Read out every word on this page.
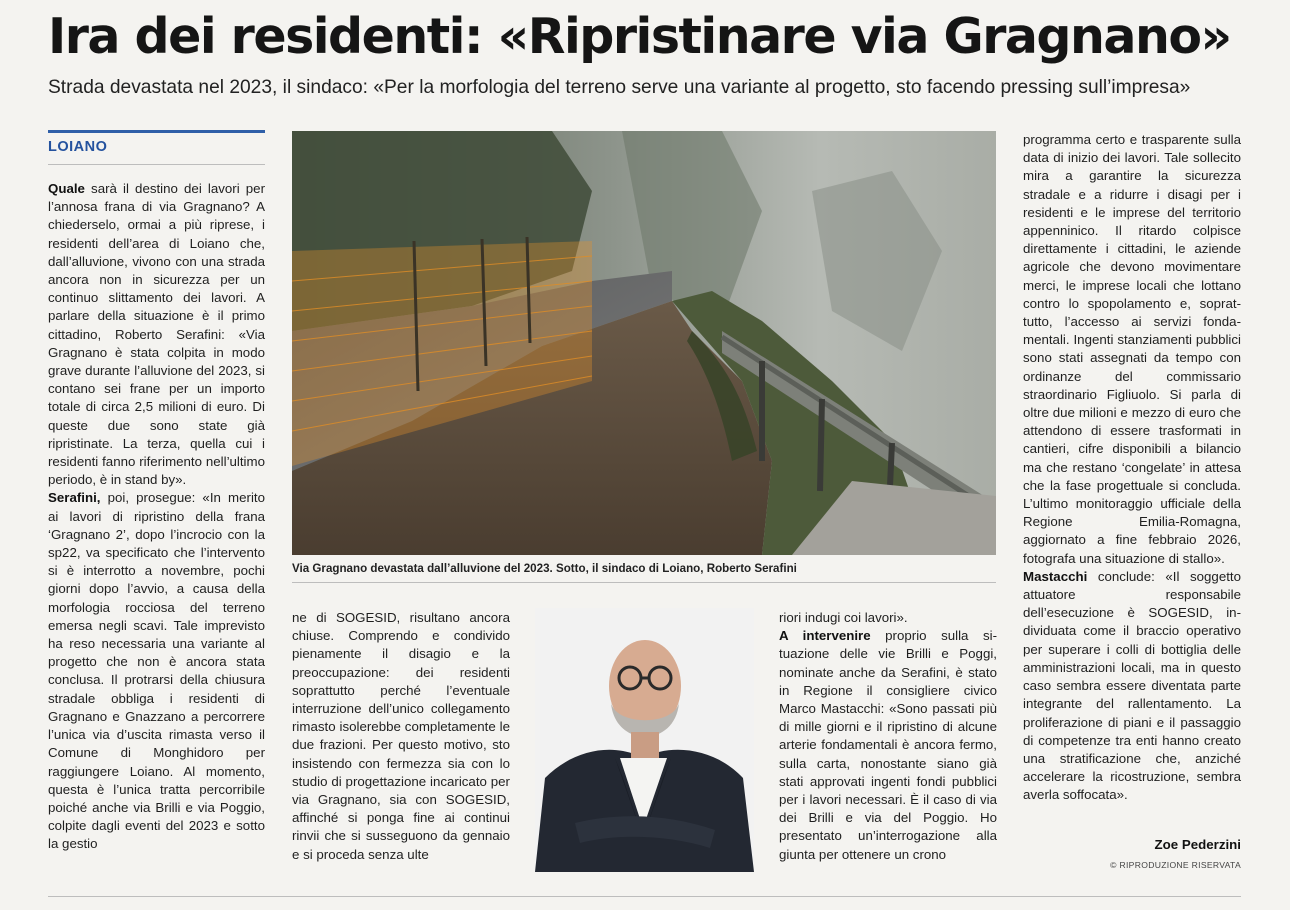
Ira dei residenti: «Ripristinare via Gragnano»

Strada devastata nel 2023, il sindaco: «Per la morfologia del terreno serve una variante al progetto, sto facendo pressing sull’impresa»

LOIANO

Quale sarà il destino dei lavori per l’annosa frana di via Gragnano? A chiederselo, ormai a più riprese, i residenti dell’area di Loiano che, dall’alluvione, vivono con una strada ancora non in sicurezza per un continuo slittamento dei lavori. A parlare della situazione è il primo cittadino, Roberto Serafini: «Via Gragnano è stata colpita in modo grave durante l’alluvione del 2023, si contano sei frane per un importo totale di circa 2,5 milioni di euro. Di queste due sono state già ripristinate. La terza, quella cui i residenti fanno riferimento nell’ultimo periodo, è in stand by».

Serafini, poi, prosegue: «In merito ai lavori di ripristino della frana ‘Gragnano 2’, dopo l’incrocio con la sp22, va specificato che l’intervento si è interrotto a novembre, pochi giorni dopo l’avvio, a causa della morfologia rocciosa del terreno emersa negli scavi. Tale imprevisto ha reso necessaria una variante al progetto che non è ancora stata conclusa. Il protrarsi della chiusura stradale obbliga i residenti di Gragnano e Gnazzano a percorrere l’unica via d’uscita rimasta verso il Comune di Monghidoro per raggiungere Loiano. Al momento, questa è l’unica tratta percorribile poiché anche via Brilli e via Poggio, colpite dagli eventi del 2023 e sotto la gestio

Via Gragnano devastata dall’alluvione del 2023. Sotto, il sindaco di Loiano, Roberto Serafini

ne di SOGESID, risultano ancora chiuse. Comprendo e condivido pienamente il disagio e la preoccupazione: dei residenti soprattutto perché l’eventuale interruzione dell’unico collegamento rimasto isolerebbe completamente le due frazioni. Per questo motivo, sto insistendo con fermezza sia con lo studio di progettazione incaricato per via Gragnano, sia con SOGESID, affinché si ponga fine ai continui rinvii che si susseguono da gennaio e si proceda senza ulte

riori indugi coi lavori».

A intervenire proprio sulla situazione delle vie Brilli e Poggi, nominate anche da Serafini, è stato in Regione il consigliere civico Marco Mastacchi: «Sono passati più di mille giorni e il ripristino di alcune arterie fondamentali è ancora fermo, sulla carta, nonostante siano già stati approvati ingenti fondi pubblici per i lavori necessari. È il caso di via dei Brilli e via del Poggio. Ho presentato un’interrogazione alla giunta per ottenere un crono

programma certo e trasparente sulla data di inizio dei lavori. Tale sollecito mira a garantire la sicurezza stradale e a ridurre i disagi per i residenti e le imprese del territorio appenninico. Il ritardo colpisce direttamente i cittadini, le aziende agricole che devono movimentare merci, le imprese locali che lottano contro lo spopolamento e, soprattutto, l’accesso ai servizi fondamentali. Ingenti stanziamenti pubblici sono stati assegnati da tempo con ordinanze del commissario straordinario Figliuolo. Si parla di oltre due milioni e mezzo di euro che attendono di essere trasformati in cantieri, cifre disponibili a bilancio ma che restano ‘congelate’ in attesa che la fase progettuale si concluda. L’ultimo monitoraggio ufficiale della Regione Emilia-Romagna, aggiornato a fine febbraio 2026, fotografa una situazione di stallo».

Mastacchi conclude: «Il soggetto attuatore responsabile dell’esecuzione è SOGESID, individuata come il braccio operativo per superare i colli di bottiglia delle amministrazioni locali, ma in questo caso sembra essere diventata parte integrante del rallentamento. La proliferazione di piani e il passaggio di competenze tra enti hanno creato una stratificazione che, anziché accelerare la ricostruzione, sembra averla soffocata».

Zoe Pederzini
© RIPRODUZIONE RISERVATA
